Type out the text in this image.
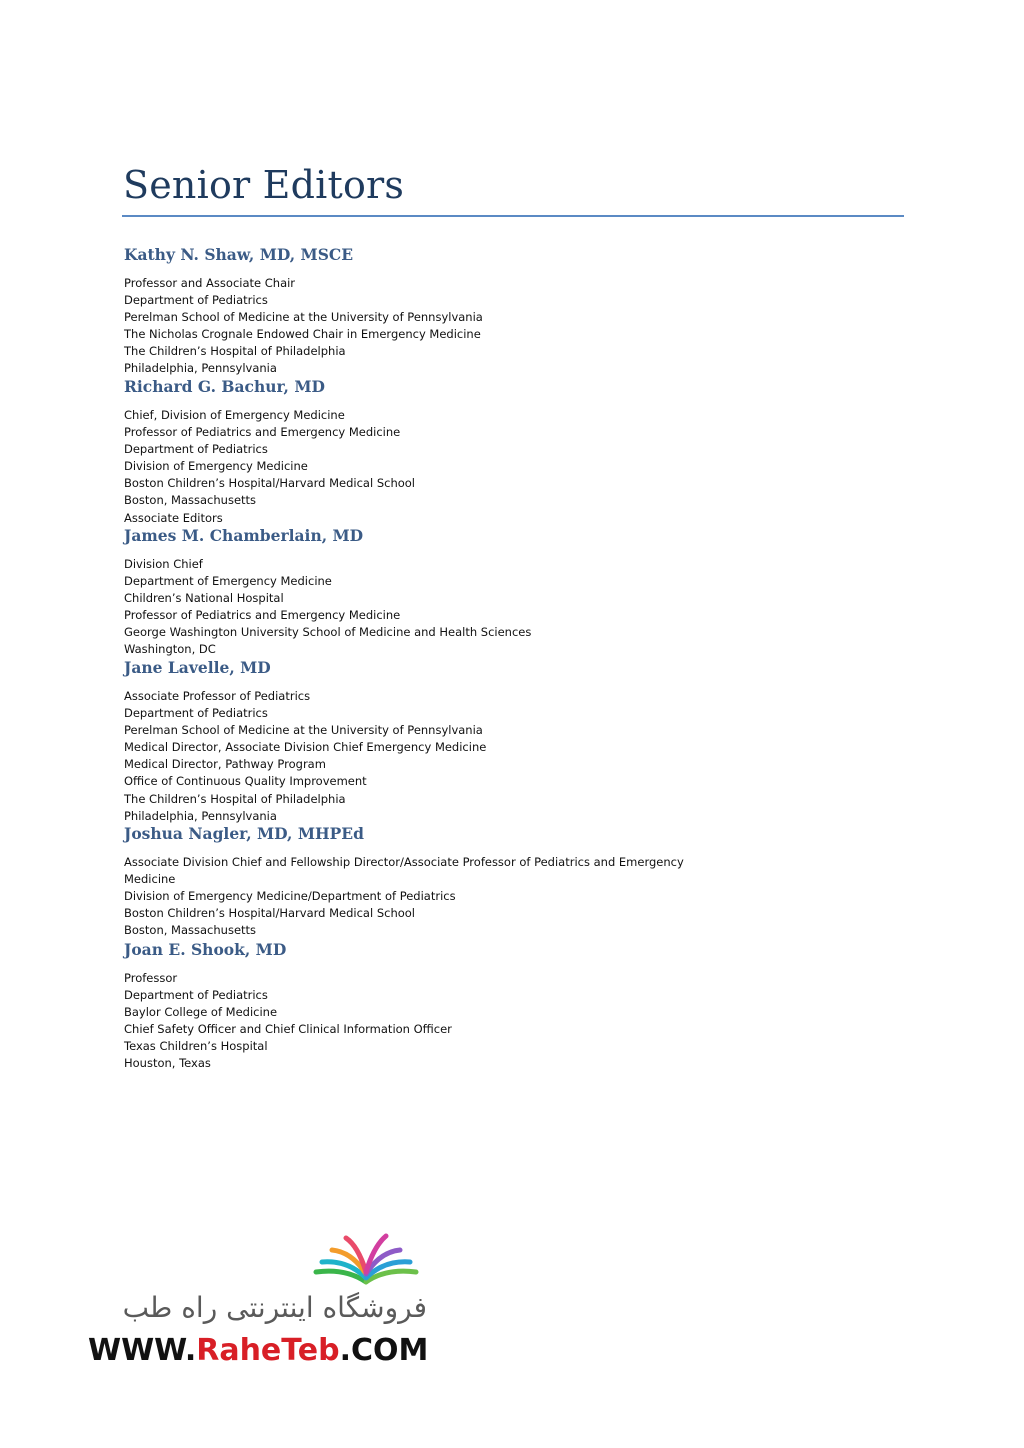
Senior Editors
Kathy N. Shaw, MD, MSCE
Professor and Associate Chair
Department of Pediatrics
Perelman School of Medicine at the University of Pennsylvania
The Nicholas Crognale Endowed Chair in Emergency Medicine
The Children’s Hospital of Philadelphia
Philadelphia, Pennsylvania
Richard G. Bachur, MD
Chief, Division of Emergency Medicine
Professor of Pediatrics and Emergency Medicine
Department of Pediatrics
Division of Emergency Medicine
Boston Children’s Hospital/Harvard Medical School
Boston, Massachusetts
Associate Editors
James M. Chamberlain, MD
Division Chief
Department of Emergency Medicine
Children’s National Hospital
Professor of Pediatrics and Emergency Medicine
George Washington University School of Medicine and Health Sciences
Washington, DC
Jane Lavelle, MD
Associate Professor of Pediatrics
Department of Pediatrics
Perelman School of Medicine at the University of Pennsylvania
Medical Director, Associate Division Chief Emergency Medicine
Medical Director, Pathway Program
Office of Continuous Quality Improvement
The Children’s Hospital of Philadelphia
Philadelphia, Pennsylvania
Joshua Nagler, MD, MHPEd
Associate Division Chief and Fellowship Director/Associate Professor of Pediatrics and Emergency Medicine
Division of Emergency Medicine/Department of Pediatrics
Boston Children’s Hospital/Harvard Medical School
Boston, Massachusetts
Joan E. Shook, MD
Professor
Department of Pediatrics
Baylor College of Medicine
Chief Safety Officer and Chief Clinical Information Officer
Texas Children’s Hospital
Houston, Texas
فروشگاه اینترنتی راه طب
WWW.RaheTeb.COM
